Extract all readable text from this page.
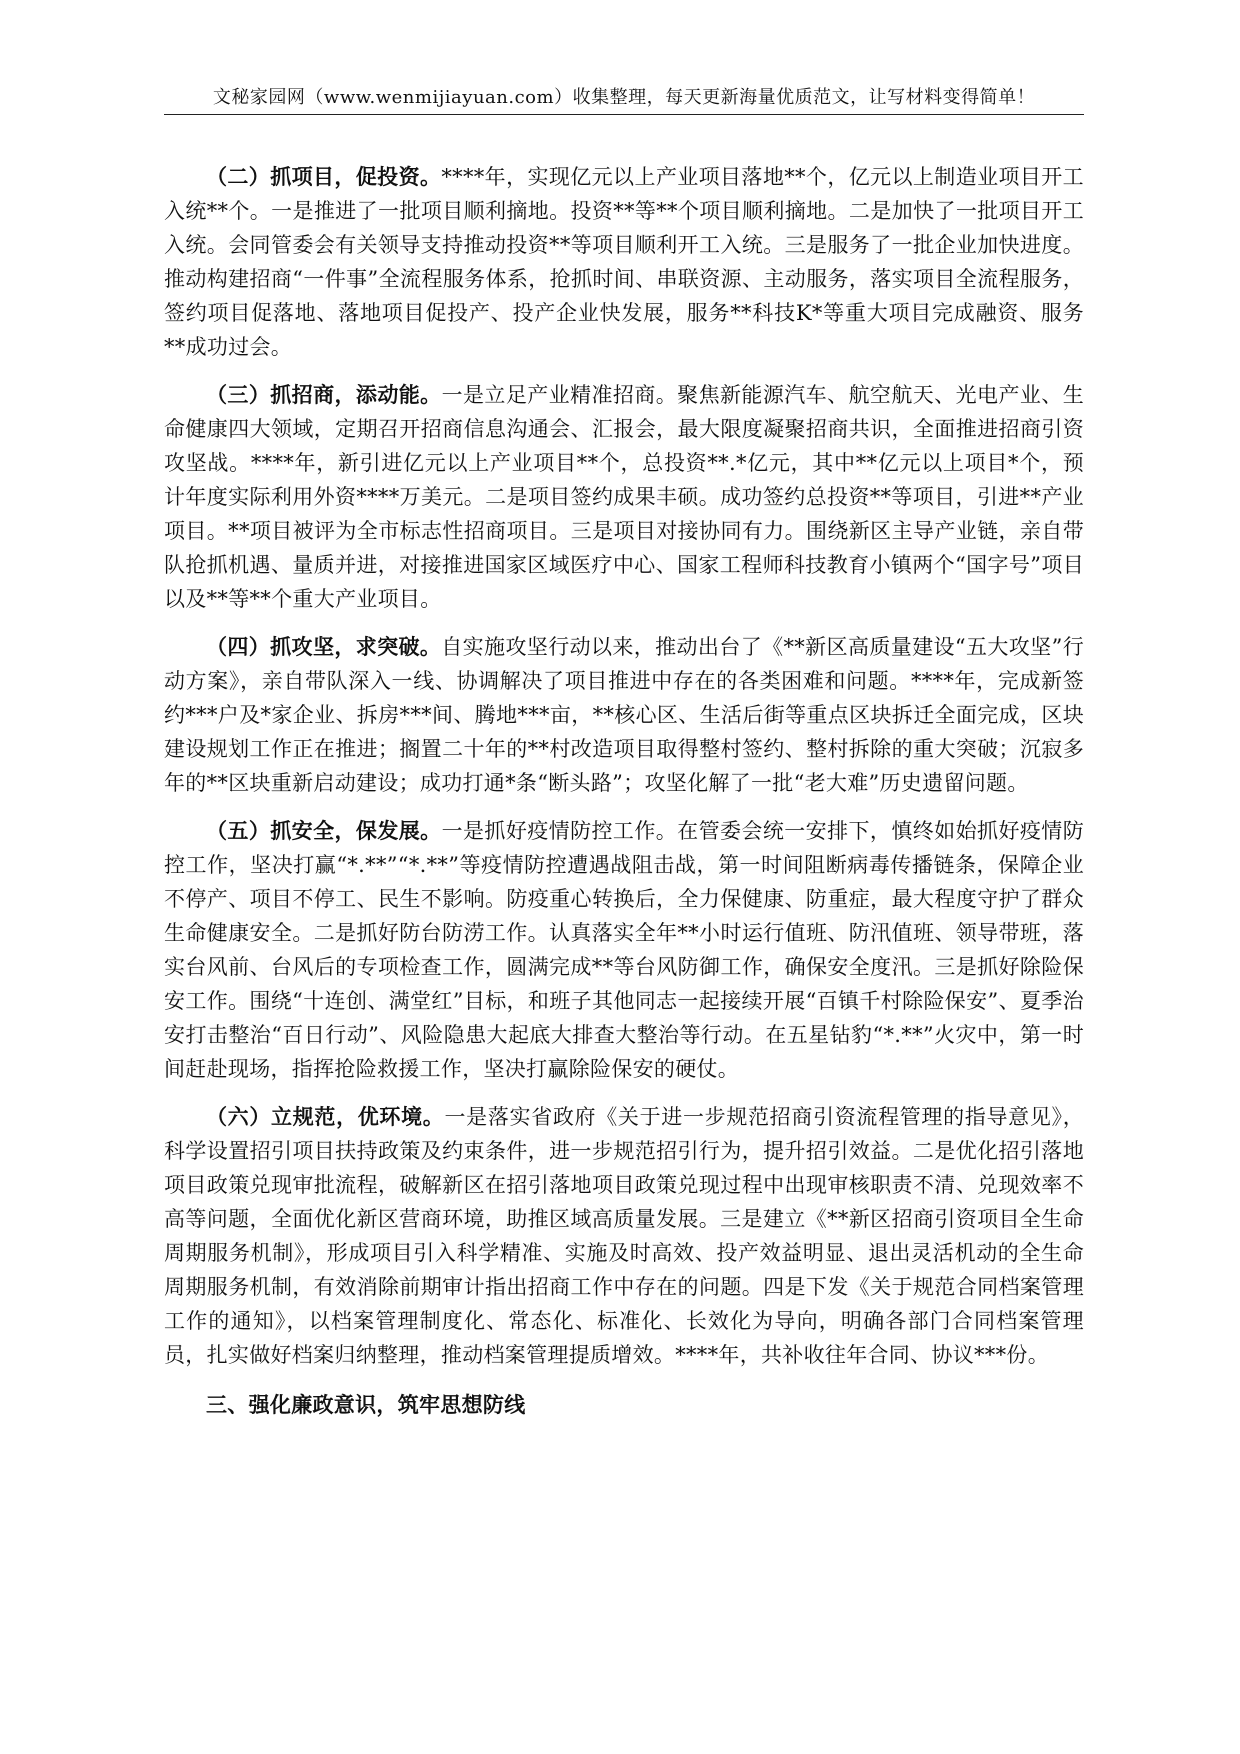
文秘家园网（www.wenmijiayuan.com）收集整理，每天更新海量优质范文，让写材料变得简单！

（二）抓项目，促投资。****年，实现亿元以上产业项目落地**个，亿元以上制造业项目开工入统**个。一是推进了一批项目顺利摘地。投资**等**个项目顺利摘地。二是加快了一批项目开工入统。会同管委会有关领导支持推动投资**等项目顺利开工入统。三是服务了一批企业加快进度。推动构建招商“一件事”全流程服务体系，抢抓时间、串联资源、主动服务，落实项目全流程服务，签约项目促落地、落地项目促投产、投产企业快发展，服务**科技K*等重大项目完成融资、服务**成功过会。

（三）抓招商，添动能。一是立足产业精准招商。聚焦新能源汽车、航空航天、光电产业、生命健康四大领域，定期召开招商信息沟通会、汇报会，最大限度凝聚招商共识，全面推进招商引资攻坚战。****年，新引进亿元以上产业项目**个，总投资**.*亿元，其中**亿元以上项目*个，预计年度实际利用外资****万美元。二是项目签约成果丰硕。成功签约总投资**等项目，引进**产业项目。**项目被评为全市标志性招商项目。三是项目对接协同有力。围绕新区主导产业链，亲自带队抢抓机遇、量质并进，对接推进国家区域医疗中心、国家工程师科技教育小镇两个“国字号”项目以及**等**个重大产业项目。

（四）抓攻坚，求突破。自实施攻坚行动以来，推动出台了《**新区高质量建设“五大攻坚”行动方案》，亲自带队深入一线、协调解决了项目推进中存在的各类困难和问题。****年，完成新签约***户及*家企业、拆房***间、腾地***亩，**核心区、生活后街等重点区块拆迁全面完成，区块建设规划工作正在推进；搁置二十年的**村改造项目取得整村签约、整村拆除的重大突破；沉寂多年的**区块重新启动建设；成功打通*条“断头路”；攻坚化解了一批“老大难”历史遗留问题。

（五）抓安全，保发展。一是抓好疫情防控工作。在管委会统一安排下，慎终如始抓好疫情防控工作，坚决打赢“*.**”“*.**”等疫情防控遭遇战阻击战，第一时间阻断病毒传播链条，保障企业不停产、项目不停工、民生不影响。防疫重心转换后，全力保健康、防重症，最大程度守护了群众生命健康安全。二是抓好防台防涝工作。认真落实全年**小时运行值班、防汛值班、领导带班，落实台风前、台风后的专项检查工作，圆满完成**等台风防御工作，确保安全度汛。三是抓好除险保安工作。围绕“十连创、满堂红”目标，和班子其他同志一起接续开展“百镇千村除险保安”、夏季治安打击整治“百日行动”、风险隐患大起底大排查大整治等行动。在五星钻豹“*.**”火灾中，第一时间赶赴现场，指挥抢险救援工作，坚决打赢除险保安的硬仗。

（六）立规范，优环境。一是落实省政府《关于进一步规范招商引资流程管理的指导意见》，科学设置招引项目扶持政策及约束条件，进一步规范招引行为，提升招引效益。二是优化招引落地项目政策兑现审批流程，破解新区在招引落地项目政策兑现过程中出现审核职责不清、兑现效率不高等问题，全面优化新区营商环境，助推区域高质量发展。三是建立《**新区招商引资项目全生命周期服务机制》，形成项目引入科学精准、实施及时高效、投产效益明显、退出灵活机动的全生命周期服务机制，有效消除前期审计指出招商工作中存在的问题。四是下发《关于规范合同档案管理工作的通知》，以档案管理制度化、常态化、标准化、长效化为导向，明确各部门合同档案管理员，扎实做好档案归纳整理，推动档案管理提质增效。****年，共补收往年合同、协议***份。

三、强化廉政意识，筑牢思想防线
